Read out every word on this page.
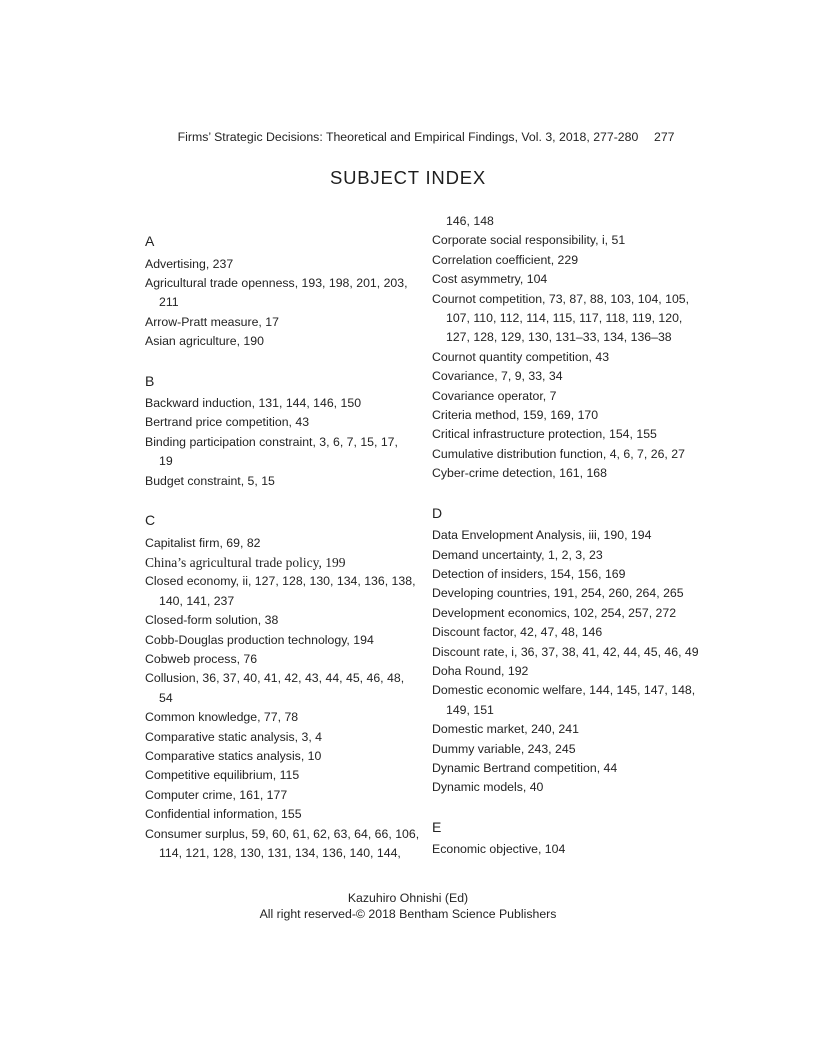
Firms’ Strategic Decisions: Theoretical and Empirical Findings, Vol. 3, 2018, 277-280 277
SUBJECT INDEX
A
Advertising, 237
Agricultural trade openness, 193, 198, 201, 203,
211
Arrow-Pratt measure, 17
Asian agriculture, 190
B
Backward induction, 131, 144, 146, 150
Bertrand price competition, 43
Binding participation constraint, 3, 6, 7, 15, 17,
19
Budget constraint, 5, 15
C
Capitalist firm, 69, 82
China’s agricultural trade policy, 199
Closed economy, ii, 127, 128, 130, 134, 136, 138,
140, 141, 237
Closed-form solution, 38
Cobb-Douglas production technology, 194
Cobweb process, 76
Collusion, 36, 37, 40, 41, 42, 43, 44, 45, 46, 48,
54
Common knowledge, 77, 78
Comparative static analysis, 3, 4
Comparative statics analysis, 10
Competitive equilibrium, 115
Computer crime, 161, 177
Confidential information, 155
Consumer surplus, 59, 60, 61, 62, 63, 64, 66, 106,
114, 121, 128, 130, 131, 134, 136, 140, 144,
146, 148
Corporate social responsibility, i, 51
Correlation coefficient, 229
Cost asymmetry, 104
Cournot competition, 73, 87, 88, 103, 104, 105,
107, 110, 112, 114, 115, 117, 118, 119, 120,
127, 128, 129, 130, 131–33, 134, 136–38
Cournot quantity competition, 43
Covariance, 7, 9, 33, 34
Covariance operator, 7
Criteria method, 159, 169, 170
Critical infrastructure protection, 154, 155
Cumulative distribution function, 4, 6, 7, 26, 27
Cyber-crime detection, 161, 168
D
Data Envelopment Analysis, iii, 190, 194
Demand uncertainty, 1, 2, 3, 23
Detection of insiders, 154, 156, 169
Developing countries, 191, 254, 260, 264, 265
Development economics, 102, 254, 257, 272
Discount factor, 42, 47, 48, 146
Discount rate, i, 36, 37, 38, 41, 42, 44, 45, 46, 49
Doha Round, 192
Domestic economic welfare, 144, 145, 147, 148,
149, 151
Domestic market, 240, 241
Dummy variable, 243, 245
Dynamic Bertrand competition, 44
Dynamic models, 40
E
Economic objective, 104
Kazuhiro Ohnishi (Ed)
All right reserved-© 2018 Bentham Science Publishers
